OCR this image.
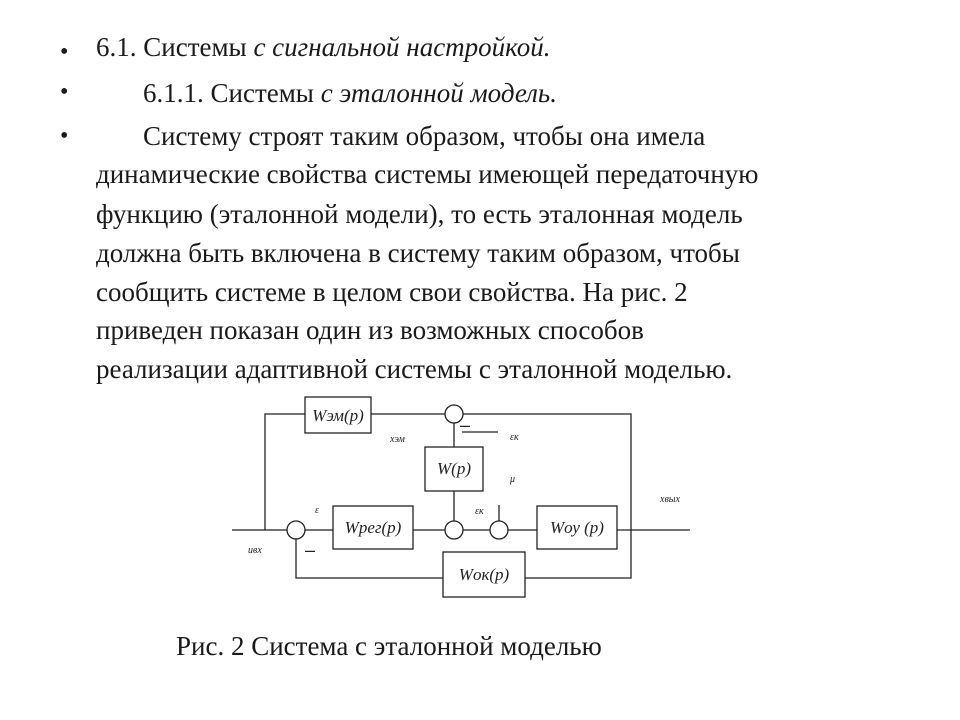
• 6.1. Системы с сигнальной настройкой.
•	6.1.1. Системы с эталонной модель.
•	Систему строят таким образом, чтобы она имела
динамические свойства системы имеющей передаточную
функцию (эталонной модели), то есть эталонная модель
должна быть включена в систему таким образом, чтобы
сообщить системе в целом свои свойства. На рис. 2
приведен показан один из возможных способов
реализации адаптивной системы с эталонной моделью.
Wэм(p)
W(p)
Wрег(p)	Wоу (p)
Wок(p)
uвх
xэм
ε
εк
μ
εк
xвых
–
–
Рис. 2 Система с эталонной моделью
